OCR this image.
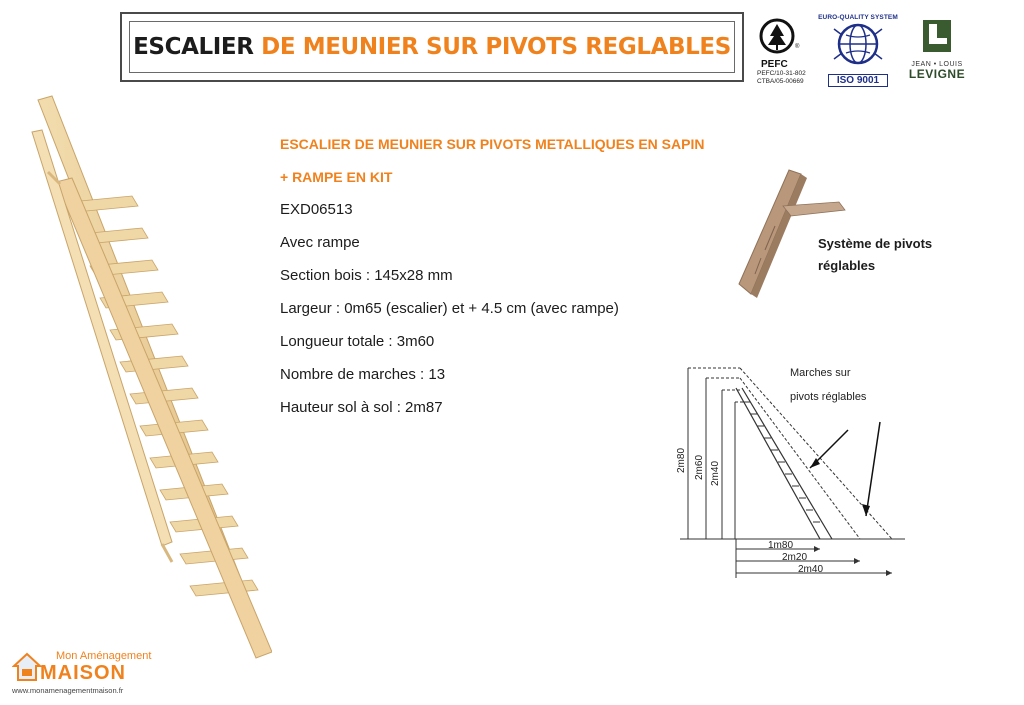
ESCALIER DE MEUNIER SUR PIVOTS REGLABLES	®
PEFC
PEFC/10-31-802
CTBA/05-00669
EURO-QUALITY SYSTEM
ISO 9001
JEAN • LOUIS
LEVIGNE
ESCALIER DE MEUNIER SUR PIVOTS METALLIQUES EN SAPIN
+ RAMPE EN KIT
EXD06513
Avec rampe
Section bois : 145x28 mm
Largeur : 0m65 (escalier) et + 4.5 cm (avec rampe)
Longueur totale : 3m60
Nombre de marches : 13
Hauteur sol à sol : 2m87
Système de pivots
réglables
2m80 2m60 2m40
1m80
2m20
2m40
Marches sur
pivots réglables
Mon Aménagement
MAISON
www.monamenagementmaison.fr
